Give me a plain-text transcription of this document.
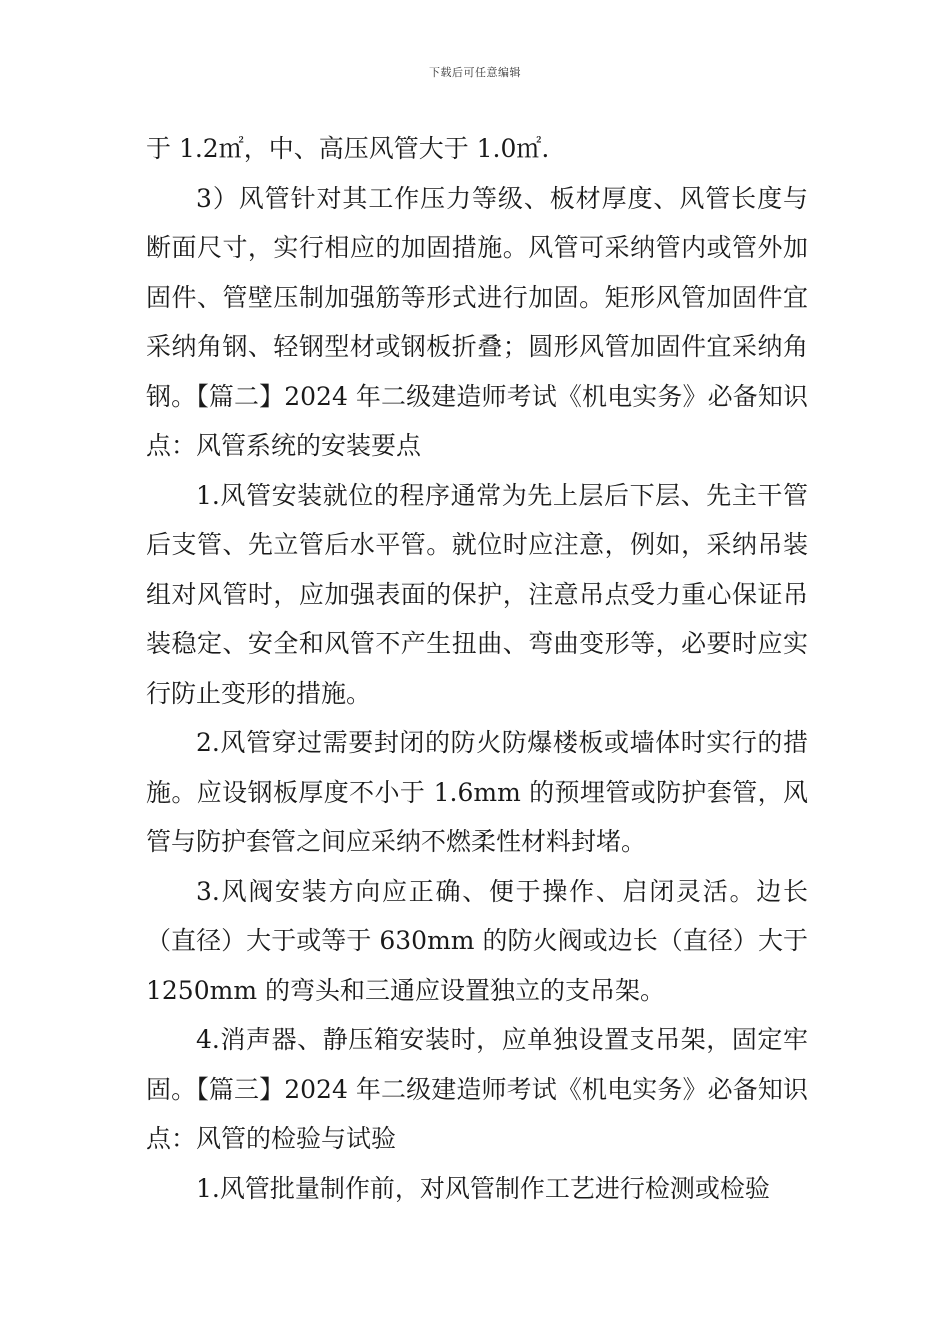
下载后可任意编辑

于 1.2㎡，中、高压风管大于 1.0㎡.

3）风管针对其工作压力等级、板材厚度、风管长度与断面尺寸，实行相应的加固措施。风管可采纳管内或管外加固件、管壁压制加强筋等形式进行加固。矩形风管加固件宜采纳角钢、轻钢型材或钢板折叠；圆形风管加固件宜采纳角钢。【篇二】2024 年二级建造师考试《机电实务》必备知识点：风管系统的安装要点

1.风管安装就位的程序通常为先上层后下层、先主干管后支管、先立管后水平管。就位时应注意，例如，采纳吊装组对风管时，应加强表面的保护，注意吊点受力重心保证吊装稳定、安全和风管不产生扭曲、弯曲变形等，必要时应实行防止变形的措施。

2.风管穿过需要封闭的防火防爆楼板或墙体时实行的措施。应设钢板厚度不小于 1.6mm 的预埋管或防护套管，风管与防护套管之间应采纳不燃柔性材料封堵。

3.风阀安装方向应正确、便于操作、启闭灵活。边长（直径）大于或等于 630mm 的防火阀或边长（直径）大于 1250mm 的弯头和三通应设置独立的支吊架。

4.消声器、静压箱安装时，应单独设置支吊架，固定牢固。【篇三】2024 年二级建造师考试《机电实务》必备知识点：风管的检验与试验

1.风管批量制作前，对风管制作工艺进行检测或检验
